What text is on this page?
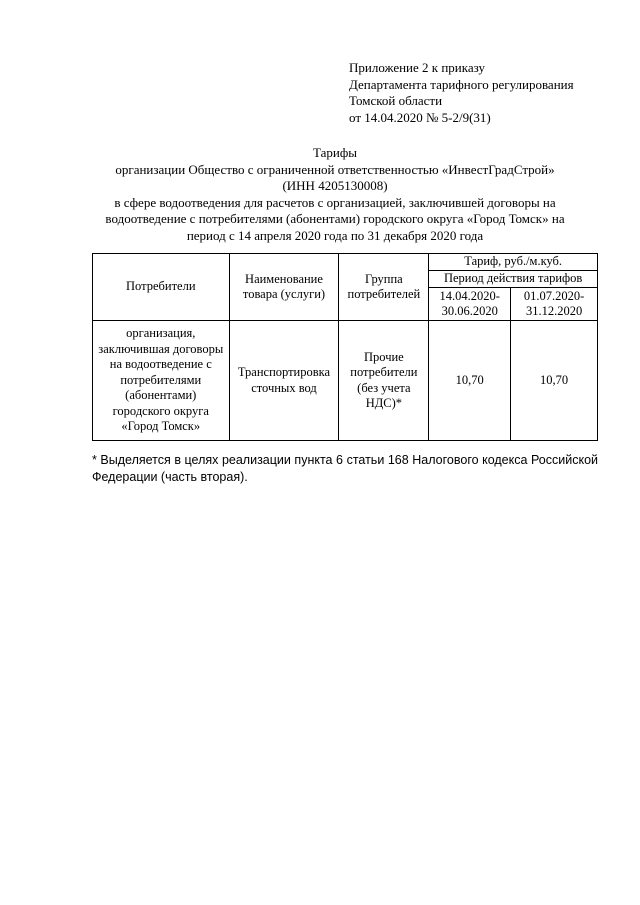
Приложение 2 к приказу
Департамента тарифного регулирования
Томской области
от 14.04.2020 № 5-2/9(31)
Тарифы
организации Общество с ограниченной ответственностью «ИнвестГрадСтрой»
(ИНН 4205130008)
в сфере водоотведения для расчетов с организацией, заключившей договоры на
водоотведение с потребителями (абонентами) городского округа «Город Томск» на
период с 14 апреля 2020 года по 31 декабря 2020 года
Потребители	Наименование товара (услуги)	Группа потребителей	Тариф, руб./м.куб.	
			Период действия тарифов	
			14.04.2020-30.06.2020	01.07.2020-31.12.2020
организация, заключившая договоры на водоотведение с потребителями (абонентами) городского округа «Город Томск»	Транспортировка сточных вод	Прочие потребители (без учета НДС)*	10,70	10,70
* Выделяется в целях реализации пункта 6 статьи 168 Налогового кодекса Российской Федерации (часть вторая).
